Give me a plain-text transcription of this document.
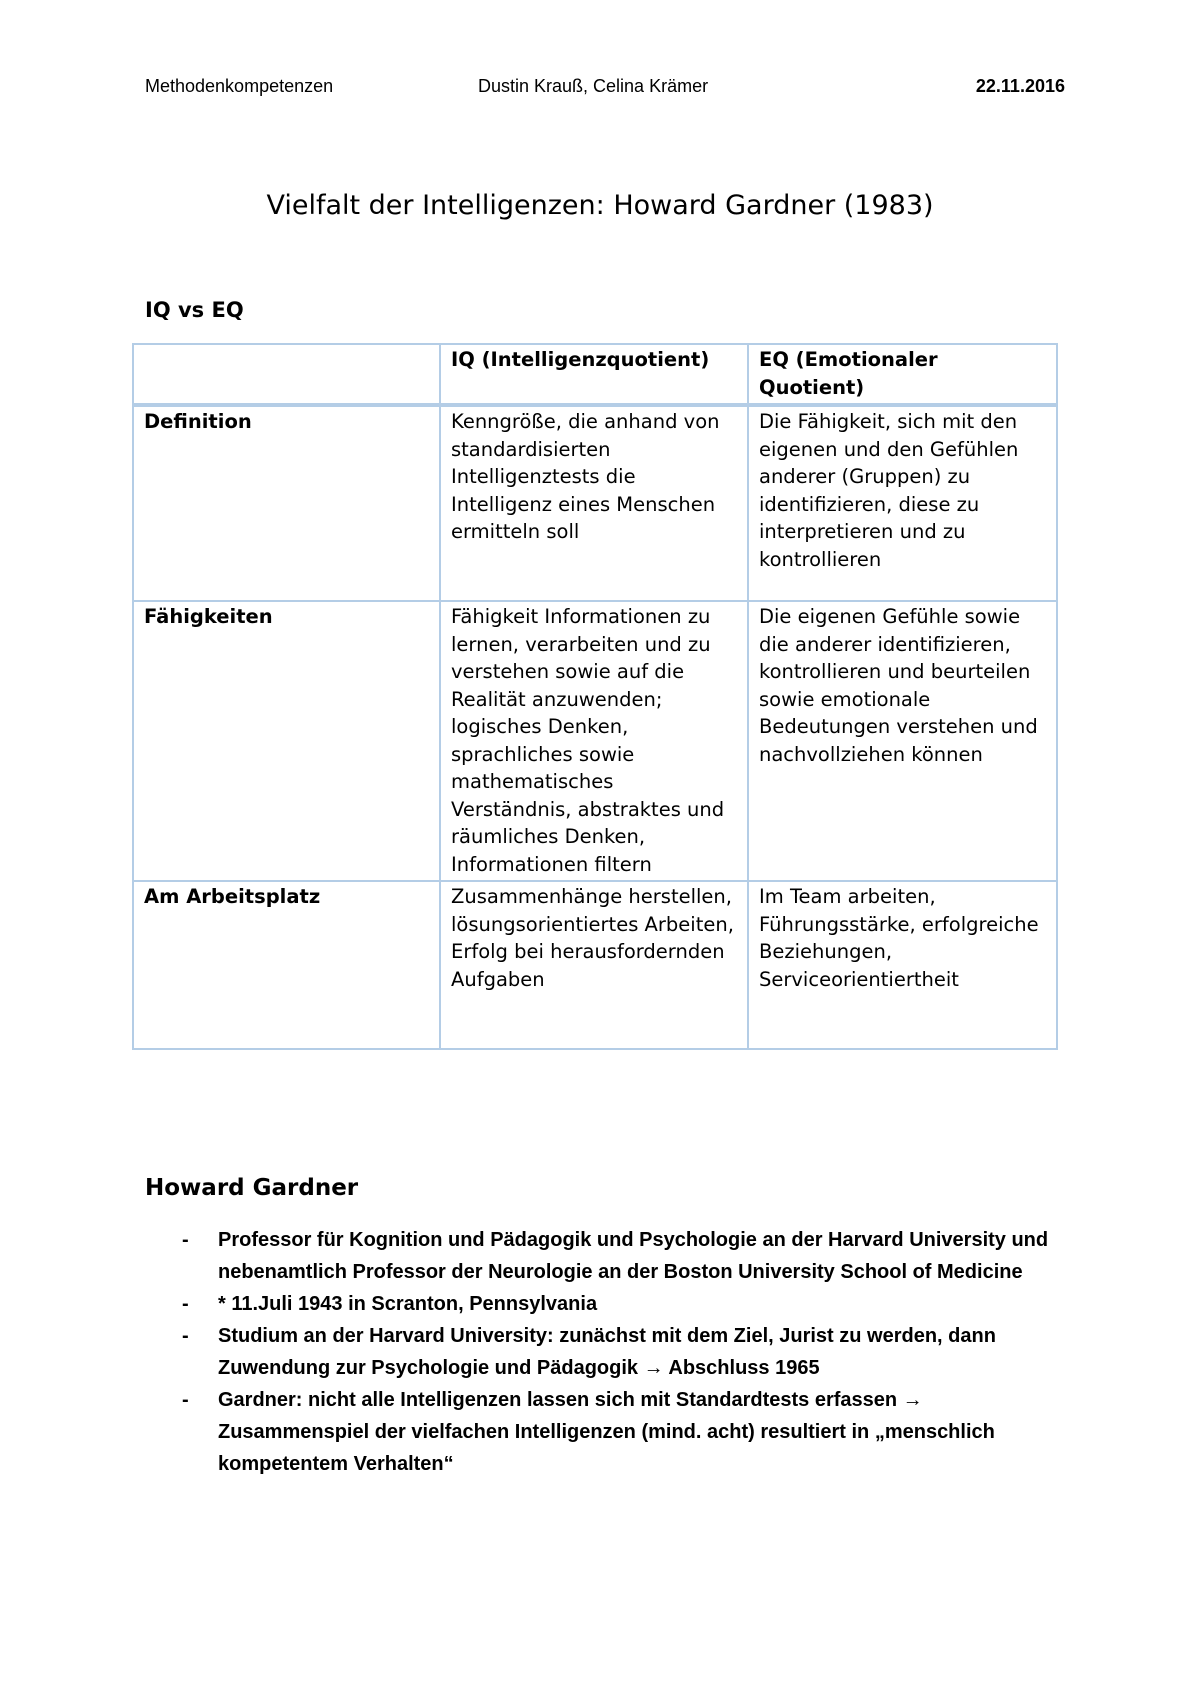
Methodenkompetenzen	Dustin Krauß, Celina Krämer	22.11.2016
Vielfalt der Intelligenzen: Howard Gardner (1983)
IQ vs EQ
	IQ (Intelligenzquotient)	EQ (Emotionaler Quotient)
Definition	Kenngröße, die anhand von standardisierten Intelligenztests die Intelligenz eines Menschen ermitteln soll	Die Fähigkeit, sich mit den eigenen und den Gefühlen anderer (Gruppen) zu identifizieren, diese zu interpretieren und zu kontrollieren
Fähigkeiten	Fähigkeit Informationen zu lernen, verarbeiten und zu verstehen sowie auf die Realität anzuwenden; logisches Denken, sprachliches sowie mathematisches Verständnis, abstraktes und räumliches Denken, Informationen filtern	Die eigenen Gefühle sowie die anderer identifizieren, kontrollieren und beurteilen sowie emotionale Bedeutungen verstehen und nachvollziehen können
Am Arbeitsplatz	Zusammenhänge herstellen, lösungsorientiertes Arbeiten, Erfolg bei herausfordernden Aufgaben	Im Team arbeiten, Führungsstärke, erfolgreiche Beziehungen, Serviceorientiertheit
Howard Gardner
- Professor für Kognition und Pädagogik und Psychologie an der Harvard University und nebenamtlich Professor der Neurologie an der Boston University School of Medicine
- * 11.Juli 1943 in Scranton, Pennsylvania
- Studium an der Harvard University: zunächst mit dem Ziel, Jurist zu werden, dann Zuwendung zur Psychologie und Pädagogik → Abschluss 1965
- Gardner: nicht alle Intelligenzen lassen sich mit Standardtests erfassen → Zusammenspiel der vielfachen Intelligenzen (mind. acht) resultiert in „menschlich kompetentem Verhalten“
